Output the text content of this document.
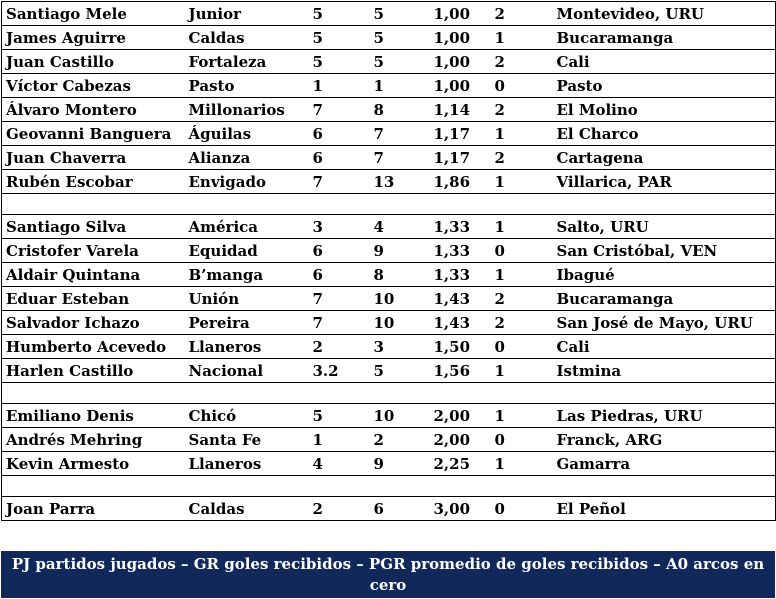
Santiago Mele	Junior	5	5	1,00	2	Montevideo, URU
James Aguirre	Caldas	5	5	1,00	1	Bucaramanga
Juan Castillo	Fortaleza	5	5	1,00	2	Cali
Víctor Cabezas	Pasto	1	1	1,00	0	Pasto
Álvaro Montero	Millonarios	7	8	1,14	2	El Molino
Geovanni Banguera	Águilas	6	7	1,17	1	El Charco
Juan Chaverra	Alianza	6	7	1,17	2	Cartagena
Rubén Escobar	Envigado	7	13	1,86	1	Villarica, PAR

Santiago Silva	América	3	4	1,33	1	Salto, URU
Cristofer Varela	Equidad	6	9	1,33	0	San Cristóbal, VEN
Aldair Quintana	B’manga	6	8	1,33	1	Ibagué
Eduar Esteban	Unión	7	10	1,43	2	Bucaramanga
Salvador Ichazo	Pereira	7	10	1,43	2	San José de Mayo, URU
Humberto Acevedo	Llaneros	2	3	1,50	0	Cali
Harlen Castillo	Nacional	3.2	5	1,56	1	Istmina

Emiliano Denis	Chicó	5	10	2,00	1	Las Piedras, URU
Andrés Mehring	Santa Fe	1	2	2,00	0	Franck, ARG
Kevin Armesto	Llaneros	4	9	2,25	1	Gamarra

Joan Parra	Caldas	2	6	3,00	0	El Peñol
PJ partidos jugados – GR goles recibidos – PGR promedio de goles recibidos – A0 arcos en cero
